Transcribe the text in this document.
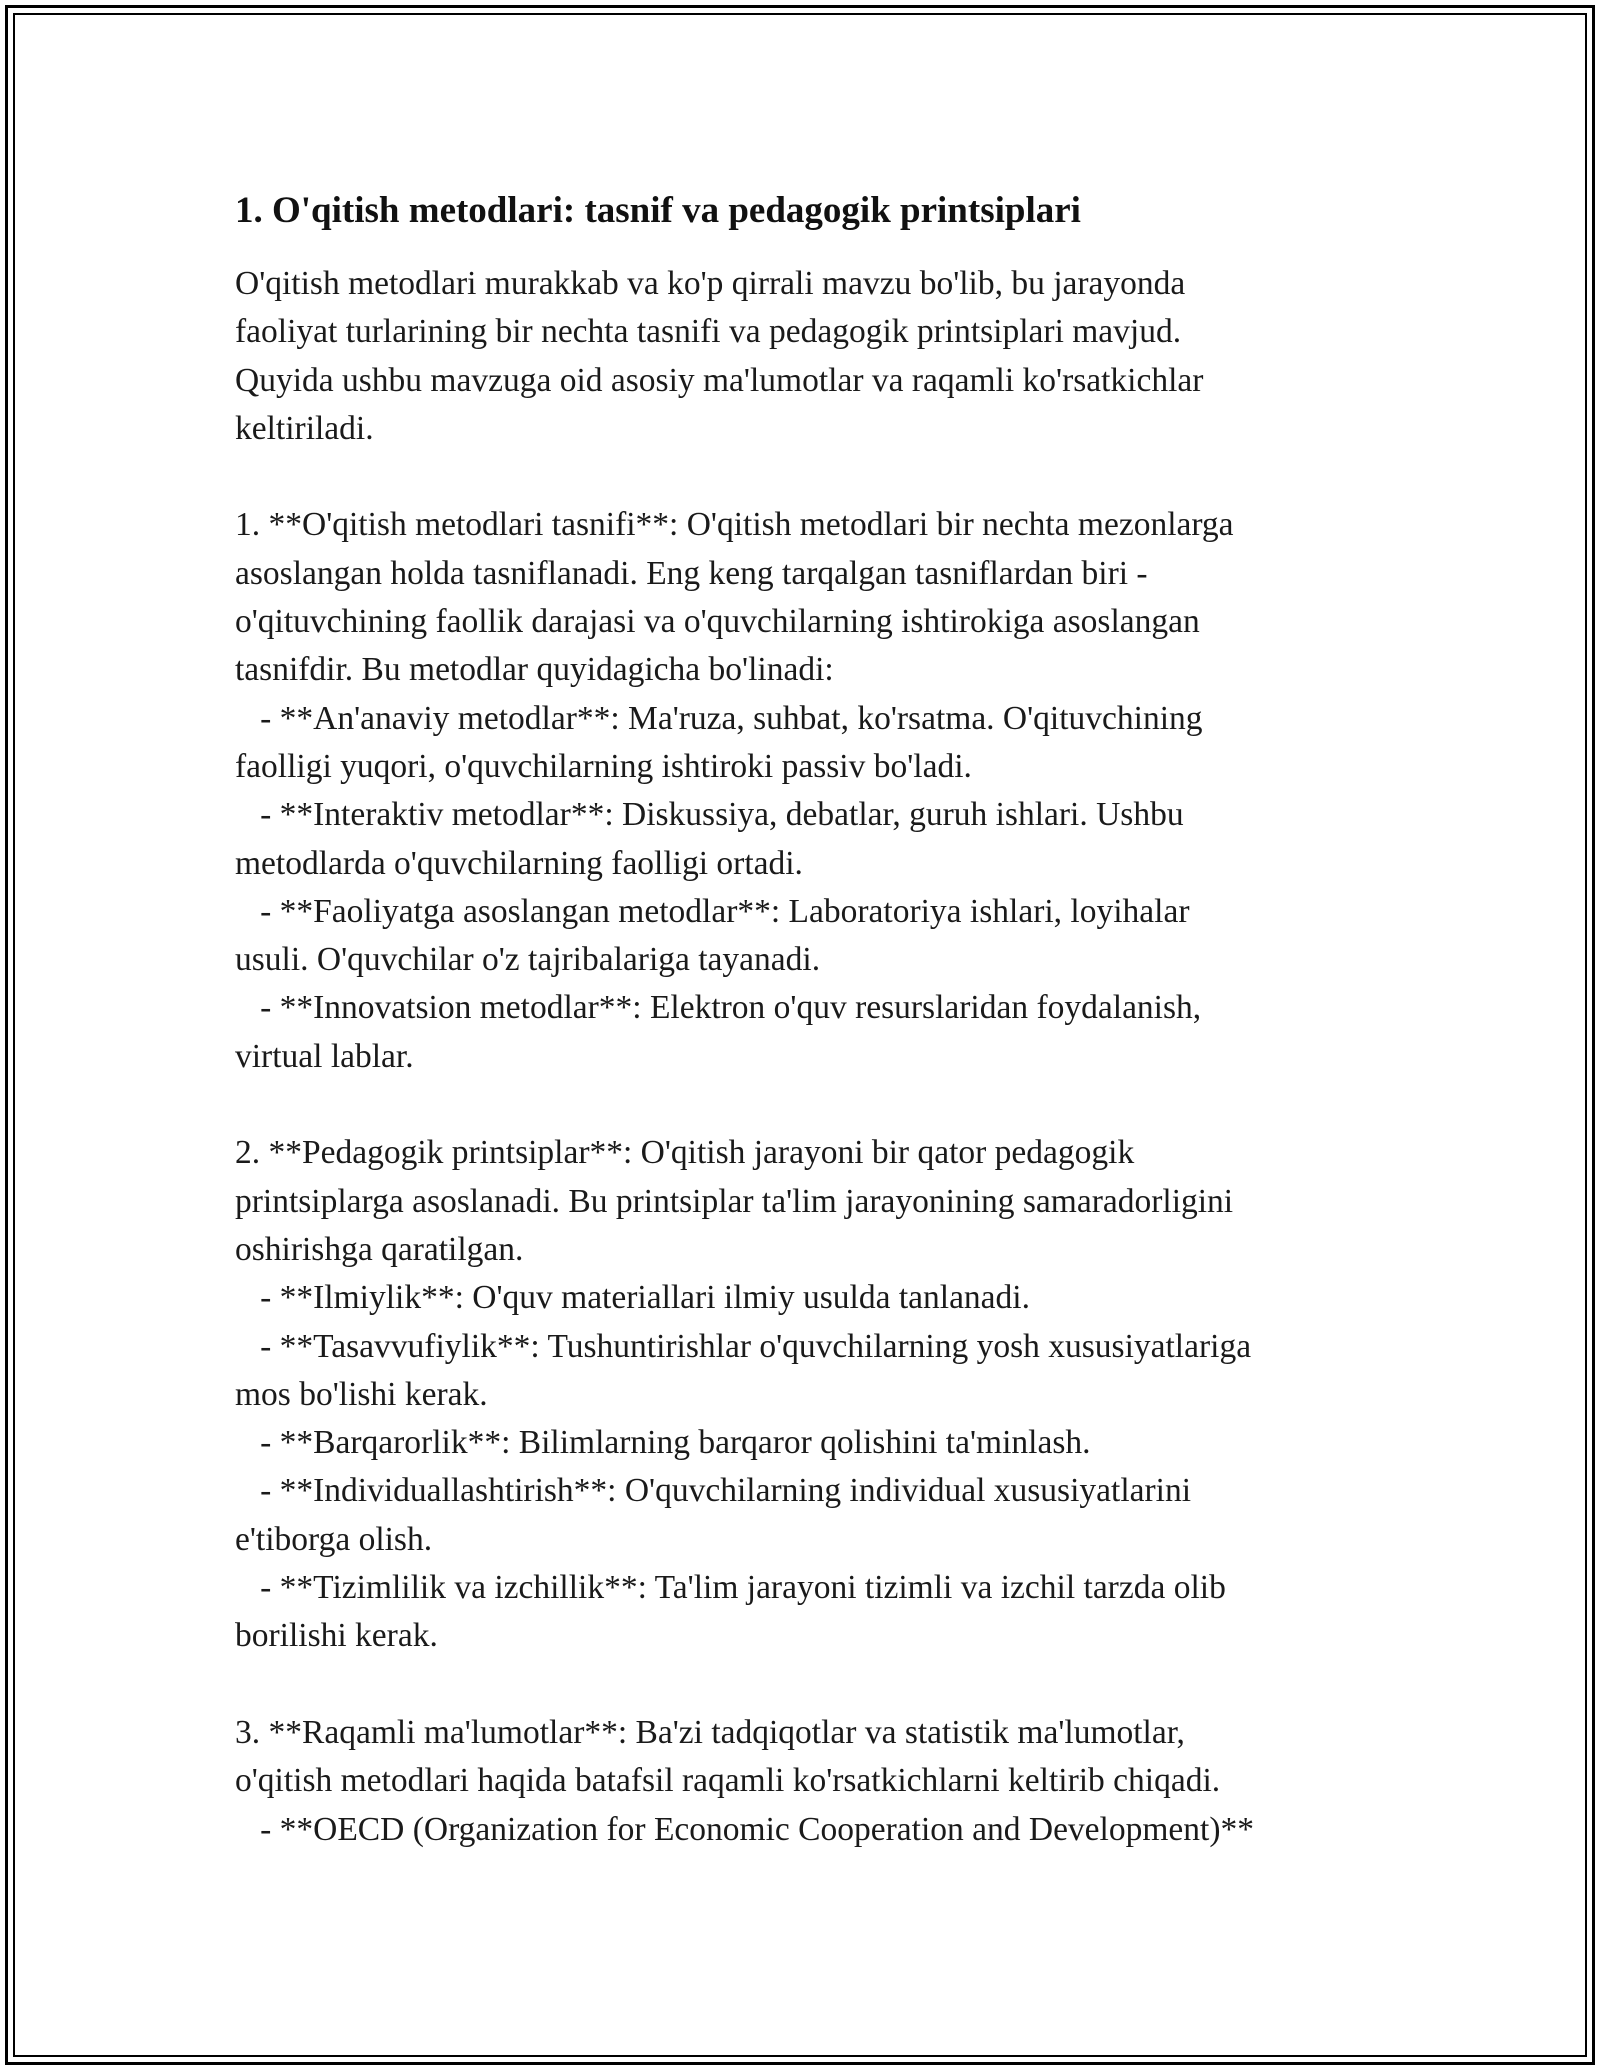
1. O'qitish metodlari: tasnif va pedagogik printsiplari

O'qitish metodlari murakkab va ko'p qirrali mavzu bo'lib, bu jarayonda
faoliyat turlarining bir nechta tasnifi va pedagogik printsiplari mavjud.
Quyida ushbu mavzuga oid asosiy ma'lumotlar va raqamli ko'rsatkichlar
keltiriladi.

1. **O'qitish metodlari tasnifi**: O'qitish metodlari bir nechta mezonlarga
asoslangan holda tasniflanadi. Eng keng tarqalgan tasniflardan biri -
o'qituvchining faollik darajasi va o'quvchilarning ishtirokiga asoslangan
tasnifdir. Bu metodlar quyidagicha bo'linadi:
- **An'anaviy metodlar**: Ma'ruza, suhbat, ko'rsatma. O'qituvchining
faolligi yuqori, o'quvchilarning ishtiroki passiv bo'ladi.
- **Interaktiv metodlar**: Diskussiya, debatlar, guruh ishlari. Ushbu
metodlarda o'quvchilarning faolligi ortadi.
- **Faoliyatga asoslangan metodlar**: Laboratoriya ishlari, loyihalar
usuli. O'quvchilar o'z tajribalariga tayanadi.
- **Innovatsion metodlar**: Elektron o'quv resurslaridan foydalanish,
virtual lablar.

2. **Pedagogik printsiplar**: O'qitish jarayoni bir qator pedagogik
printsiplarga asoslanadi. Bu printsiplar ta'lim jarayonining samaradorligini
oshirishga qaratilgan.
- **Ilmiylik**: O'quv materiallari ilmiy usulda tanlanadi.
- **Tasavvufiylik**: Tushuntirishlar o'quvchilarning yosh xususiyatlariga
mos bo'lishi kerak.
- **Barqarorlik**: Bilimlarning barqaror qolishini ta'minlash.
- **Individuallashtirish**: O'quvchilarning individual xususiyatlarini
e'tiborga olish.
- **Tizimlilik va izchillik**: Ta'lim jarayoni tizimli va izchil tarzda olib
borilishi kerak.

3. **Raqamli ma'lumotlar**: Ba'zi tadqiqotlar va statistik ma'lumotlar,
o'qitish metodlari haqida batafsil raqamli ko'rsatkichlarni keltirib chiqadi.
- **OECD (Organization for Economic Cooperation and Development)**
